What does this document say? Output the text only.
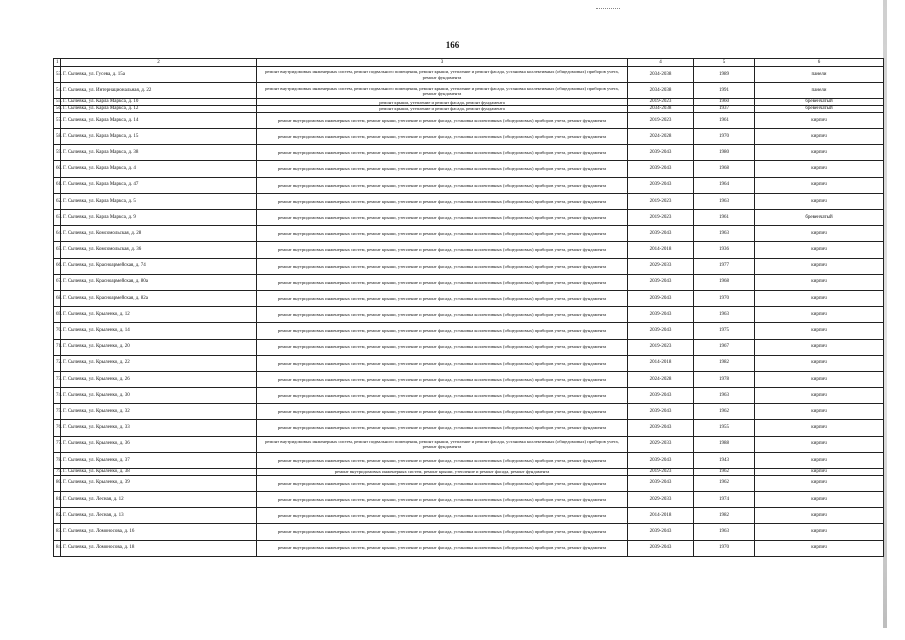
166
1	2	3	4	5	6
53.	Г. Сычевка, ул. Гусева, д. 15а	ремонт внутридомовых инженерных систем, ремонт подвального помещения, ремонт крыши, утепление и ремонт фасада, установка коллективных (общедомовых) приборов учета, ремонт фундамента	2034-2038	1989	панели
54.	Г. Сычевка, ул. Интернациональная, д. 22	ремонт внутридомовых инженерных систем, ремонт подвального помещения, ремонт крыши, утепление и ремонт фасада, установка коллективных (общедомовых) приборов учета, ремонт фундамента	2034-2038	1991	панели
55.	Г. Сычевка, ул. Карла Маркса, д. 10	ремонт крыши, утепление и ремонт фасада, ремонт фундамента	2019-2023	1960	бревенчатый
56.	Г. Сычевка, ул. Карла Маркса, д. 12	ремонт крыши, утепление и ремонт фасада, ремонт фундамента	2034-2038	1937	бревенчатый
57.	Г. Сычевка, ул. Карла Маркса, д. 14	ремонт внутридомовых инженерных систем, ремонт крыши, утепление и ремонт фасада, установка коллективных (общедомовых) приборов учета, ремонт фундамента	2019-2023	1961	кирпич
58.	Г. Сычевка, ул. Карла Маркса, д. 15	ремонт внутридомовых инженерных систем, ремонт крыши, утепление и ремонт фасада, установка коллективных (общедомовых) приборов учета, ремонт фундамента	2024-2028	1970	кирпич
59.	Г. Сычевка, ул. Карла Маркса, д. 38	ремонт внутридомовых инженерных систем, ремонт крыши, утепление и ремонт фасада, установка коллективных (общедомовых) приборов учета, ремонт фундамента	2039-2043	1980	кирпич
60.	Г. Сычевка, ул. Карла Маркса, д. 4	ремонт внутридомовых инженерных систем, ремонт крыши, утепление и ремонт фасада, установка коллективных (общедомовых) приборов учета, ремонт фундамента	2039-2043	1968	кирпич
61.	Г. Сычевка, ул. Карла Маркса, д. 47	ремонт внутридомовых инженерных систем, ремонт крыши, утепление и ремонт фасада, установка коллективных (общедомовых) приборов учета, ремонт фундамента	2039-2043	1964	кирпич
62.	Г. Сычевка, ул. Карла Маркса, д. 5	ремонт внутридомовых инженерных систем, ремонт крыши, утепление и ремонт фасада, установка коллективных (общедомовых) приборов учета, ремонт фундамента	2019-2023	1963	кирпич
63.	Г. Сычевка, ул. Карла Маркса, д. 9	ремонт внутридомовых инженерных систем, ремонт крыши, утепление и ремонт фасада, установка коллективных (общедомовых) приборов учета, ремонт фундамента	2019-2023	1961	бревенчатый
64.	Г. Сычевка, ул. Комсомольская, д. 28	ремонт внутридомовых инженерных систем, ремонт крыши, утепление и ремонт фасада, установка коллективных (общедомовых) приборов учета, ремонт фундамента	2039-2043	1963	кирпич
65.	Г. Сычевка, ул. Комсомольская, д. 36	ремонт внутридомовых инженерных систем, ремонт крыши, утепление и ремонт фасада, установка коллективных (общедомовых) приборов учета, ремонт фундамента	2014-2018	1936	кирпич
66.	Г. Сычевка, ул. Красноармейская, д. 74	ремонт внутридомовых инженерных систем, ремонт крыши, утепление и ремонт фасада, установка коллективных (общедомовых) приборов учета, ремонт фундамента	2029-2033	1977	кирпич
67.	Г. Сычевка, ул. Красноармейская, д. 80а	ремонт внутридомовых инженерных систем, ремонт крыши, утепление и ремонт фасада, установка коллективных (общедомовых) приборов учета, ремонт фундамента	2039-2043	1968	кирпич
68.	Г. Сычевка, ул. Красноармейская, д. 82а	ремонт внутридомовых инженерных систем, ремонт крыши, утепление и ремонт фасада, установка коллективных (общедомовых) приборов учета, ремонт фундамента	2039-2043	1970	кирпич
69.	Г. Сычевка, ул. Крыленко, д. 12	ремонт внутридомовых инженерных систем, ремонт крыши, утепление и ремонт фасада, установка коллективных (общедомовых) приборов учета, ремонт фундамента	2039-2043	1963	кирпич
70.	Г. Сычевка, ул. Крыленко, д. 14	ремонт внутридомовых инженерных систем, ремонт крыши, утепление и ремонт фасада, установка коллективных (общедомовых) приборов учета, ремонт фундамента	2039-2043	1975	кирпич
71.	Г. Сычевка, ул. Крыленко, д. 20	ремонт внутридомовых инженерных систем, ремонт крыши, утепление и ремонт фасада, установка коллективных (общедомовых) приборов учета, ремонт фундамента	2019-2023	1967	кирпич
72.	Г. Сычевка, ул. Крыленко, д. 22	ремонт внутридомовых инженерных систем, ремонт крыши, утепление и ремонт фасада, установка коллективных (общедомовых) приборов учета, ремонт фундамента	2014-2018	1982	кирпич
73.	Г. Сычевка, ул. Крыленко, д. 26	ремонт внутридомовых инженерных систем, ремонт крыши, утепление и ремонт фасада, установка коллективных (общедомовых) приборов учета, ремонт фундамента	2024-2028	1978	кирпич
74.	Г. Сычевка, ул. Крыленко, д. 30	ремонт внутридомовых инженерных систем, ремонт крыши, утепление и ремонт фасада, установка коллективных (общедомовых) приборов учета, ремонт фундамента	2039-2043	1963	кирпич
75.	Г. Сычевка, ул. Крыленко, д. 32	ремонт внутридомовых инженерных систем, ремонт крыши, утепление и ремонт фасада, установка коллективных (общедомовых) приборов учета, ремонт фундамента	2039-2043	1962	кирпич
76.	Г. Сычевка, ул. Крыленко, д. 33	ремонт внутридомовых инженерных систем, ремонт крыши, утепление и ремонт фасада, установка коллективных (общедомовых) приборов учета, ремонт фундамента	2039-2043	1955	кирпич
77.	Г. Сычевка, ул. Крыленко, д. 36	ремонт внутридомовых инженерных систем, ремонт подвального помещения, ремонт крыши, утепление и ремонт фасада, установка коллективных (общедомовых) приборов учета, ремонт фундамента	2029-2033	1988	кирпич
78.	Г. Сычевка, ул. Крыленко, д. 37	ремонт внутридомовых инженерных систем, ремонт крыши, утепление и ремонт фасада, установка коллективных (общедомовых) приборов учета, ремонт фундамента	2039-2043	1943	кирпич
79.	Г. Сычевка, ул. Крыленко, д. 38	ремонт внутридомовых инженерных систем, ремонт крыши, утепление и ремонт фасада, ремонт фундамента	2019-2023	1962	кирпич
80.	Г. Сычевка, ул. Крыленко, д. 39	ремонт внутридомовых инженерных систем, ремонт крыши, утепление и ремонт фасада, установка коллективных (общедомовых) приборов учета, ремонт фундамента	2039-2043	1962	кирпич
81.	Г. Сычевка, ул. Лесная, д. 12	ремонт внутридомовых инженерных систем, ремонт крыши, утепление и ремонт фасада, установка коллективных (общедомовых) приборов учета, ремонт фундамента	2029-2033	1974	кирпич
82.	Г. Сычевка, ул. Лесная, д. 13	ремонт внутридомовых инженерных систем, ремонт крыши, утепление и ремонт фасада, установка коллективных (общедомовых) приборов учета, ремонт фундамента	2014-2018	1982	кирпич
83.	Г. Сычевка, ул. Ломоносова, д. 16	ремонт внутридомовых инженерных систем, ремонт крыши, утепление и ремонт фасада, установка коллективных (общедомовых) приборов учета, ремонт фундамента	2039-2043	1963	кирпич
84.	Г. Сычевка, ул. Ломоносова, д. 18	ремонт внутридомовых инженерных систем, ремонт крыши, утепление и ремонт фасада, установка коллективных (общедомовых) приборов учета, ремонт фундамента	2039-2043	1970	кирпич
